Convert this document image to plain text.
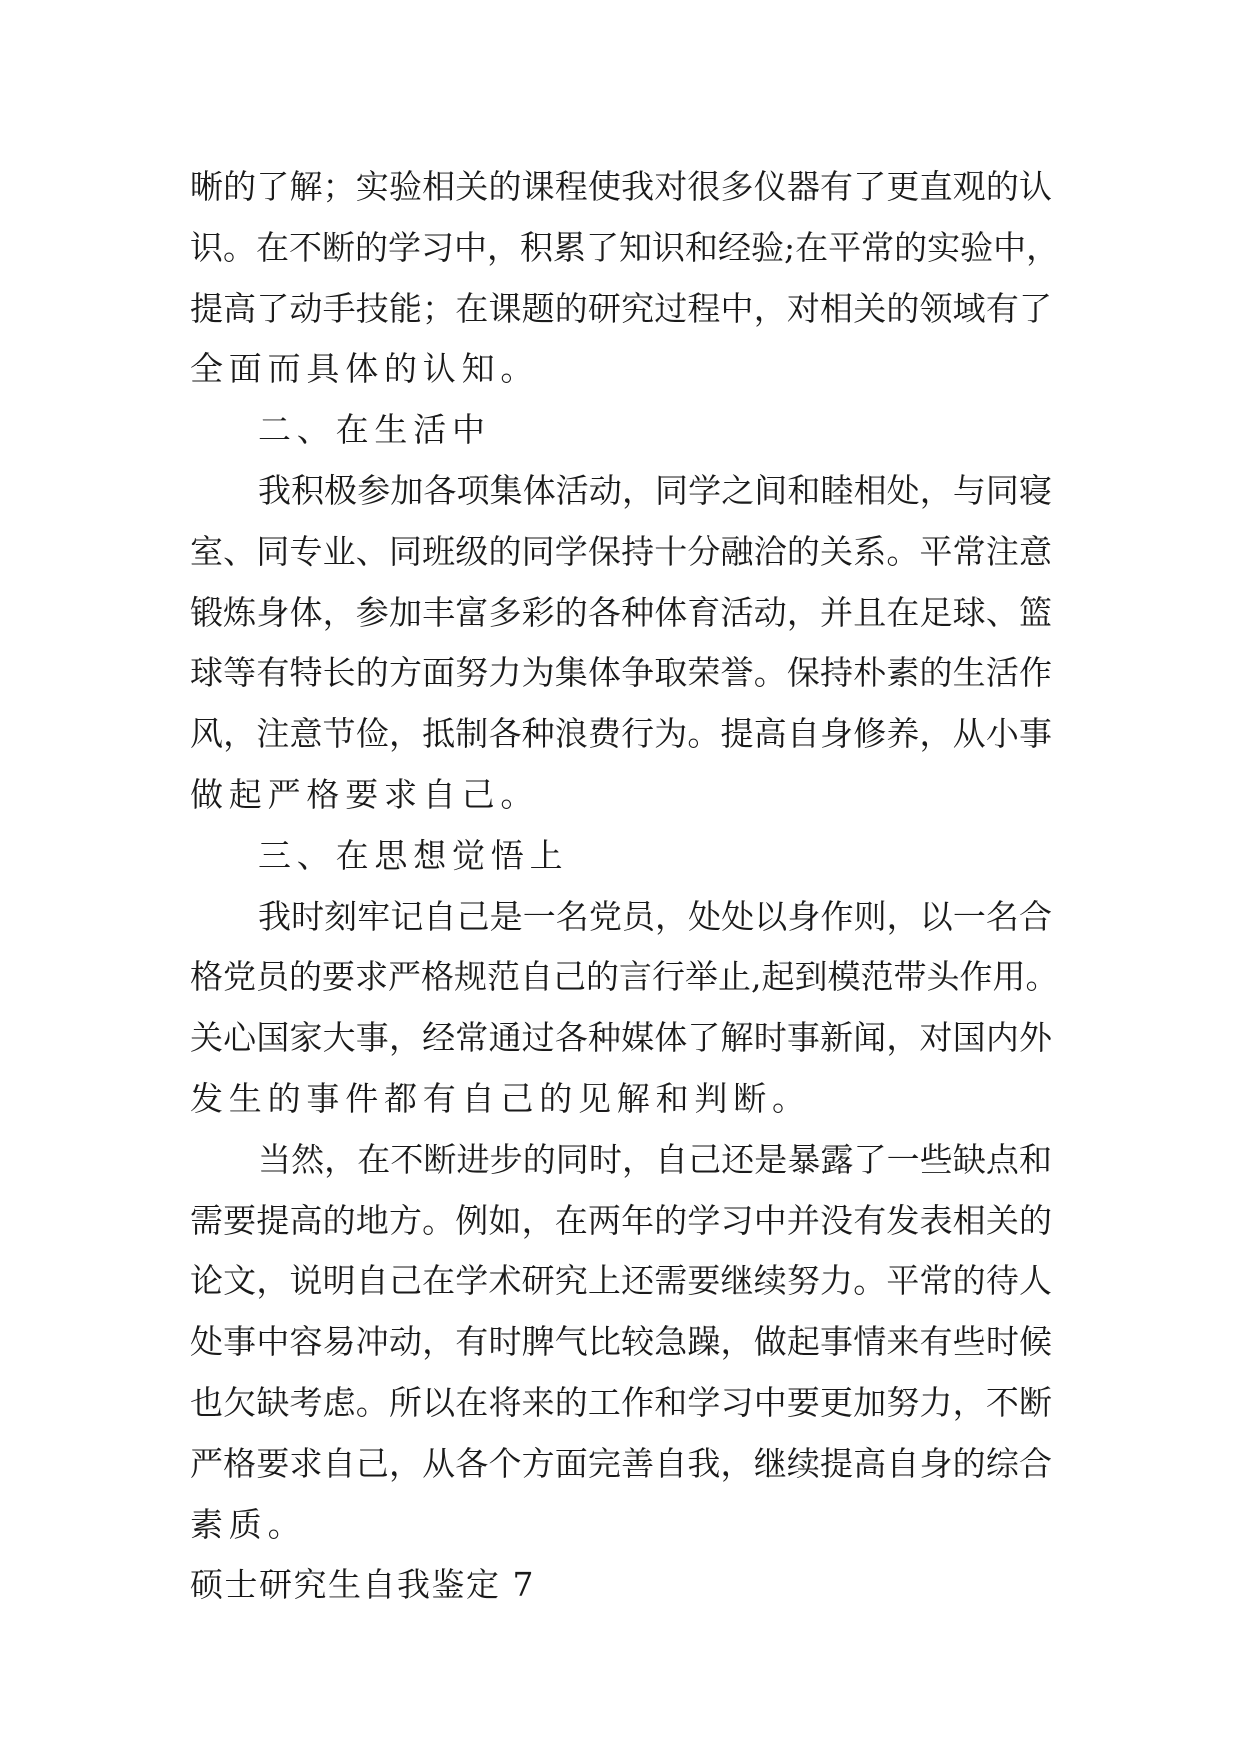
晰的了解；实验相关的课程使我对很多仪器有了更直观的认
识。在不断的学习中，积累了知识和经验;在平常的实验中，
提高了动手技能；在课题的研究过程中，对相关的领域有了
全面而具体的认知。
二、在生活中
我积极参加各项集体活动，同学之间和睦相处，与同寝
室、同专业、同班级的同学保持十分融洽的关系。平常注意
锻炼身体，参加丰富多彩的各种体育活动，并且在足球、篮
球等有特长的方面努力为集体争取荣誉。保持朴素的生活作
风，注意节俭，抵制各种浪费行为。提高自身修养，从小事
做起严格要求自己。
三、在思想觉悟上
我时刻牢记自己是一名党员，处处以身作则，以一名合
格党员的要求严格规范自己的言行举止,起到模范带头作用。
关心国家大事，经常通过各种媒体了解时事新闻，对国内外
发生的事件都有自己的见解和判断。
当然，在不断进步的同时，自己还是暴露了一些缺点和
需要提高的地方。例如，在两年的学习中并没有发表相关的
论文，说明自己在学术研究上还需要继续努力。平常的待人
处事中容易冲动，有时脾气比较急躁，做起事情来有些时候
也欠缺考虑。所以在将来的工作和学习中要更加努力，不断
严格要求自己，从各个方面完善自我，继续提高自身的综合
素质。
硕士研究生自我鉴定 7
